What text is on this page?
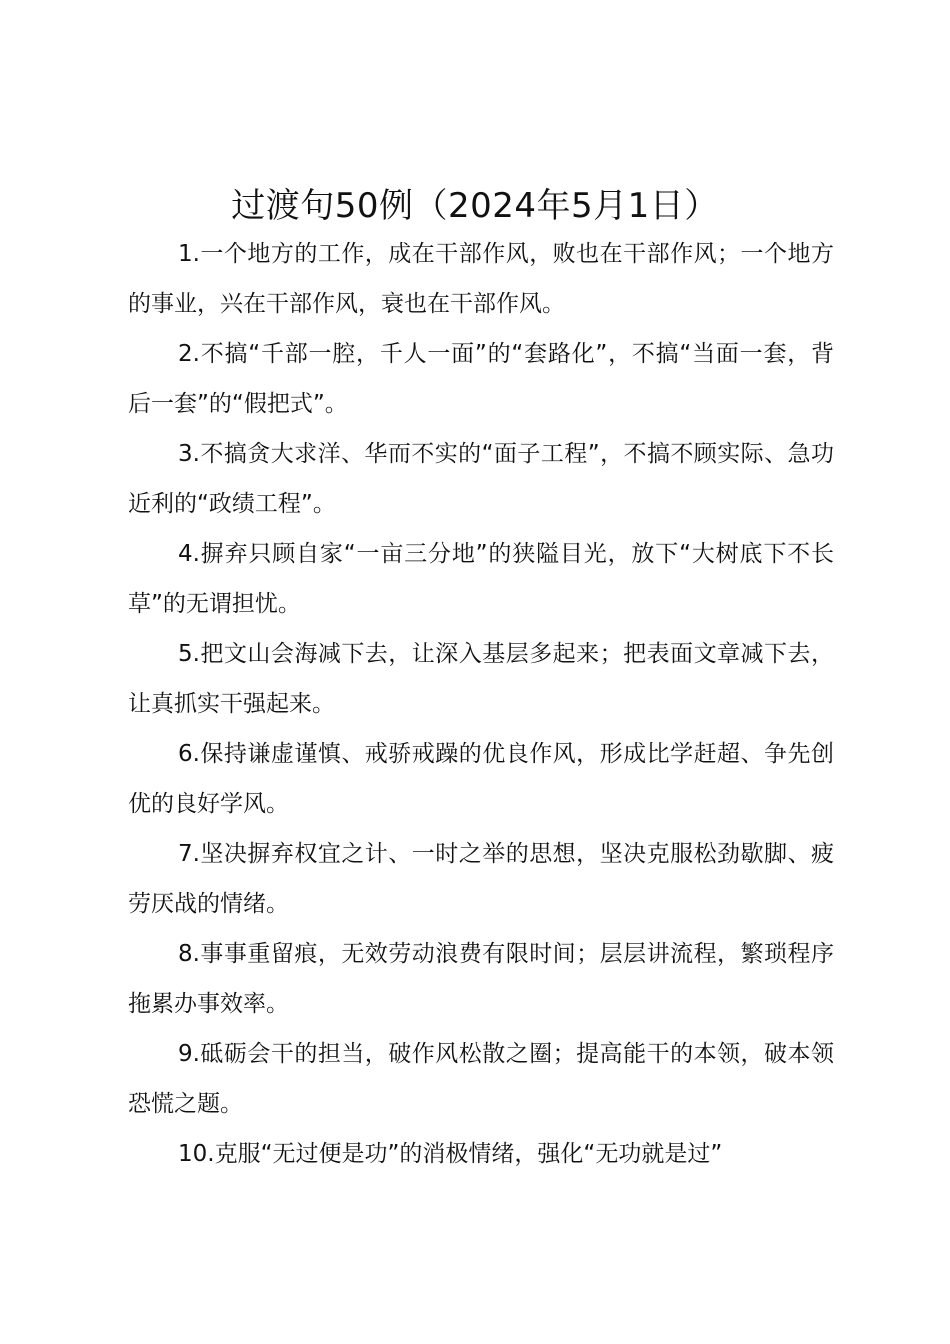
过渡句50例（2024年5月1日）

1.一个地方的工作，成在干部作风，败也在干部作风；一个地方的事业，兴在干部作风，衰也在干部作风。

2.不搞“千部一腔，千人一面”的“套路化”，不搞“当面一套，背后一套”的“假把式”。

3.不搞贪大求洋、华而不实的“面子工程”，不搞不顾实际、急功近利的“政绩工程”。

4.摒弃只顾自家“一亩三分地”的狭隘目光，放下“大树底下不长草”的无谓担忧。

5.把文山会海减下去，让深入基层多起来；把表面文章减下去，让真抓实干强起来。

6.保持谦虚谨慎、戒骄戒躁的优良作风，形成比学赶超、争先创优的良好学风。

7.坚决摒弃权宜之计、一时之举的思想，坚决克服松劲歇脚、疲劳厌战的情绪。

8.事事重留痕，无效劳动浪费有限时间；层层讲流程，繁琐程序拖累办事效率。

9.砥砺会干的担当，破作风松散之圈；提高能干的本领，破本领恐慌之题。

10.克服“无过便是功”的消极情绪，强化“无功就是过”
